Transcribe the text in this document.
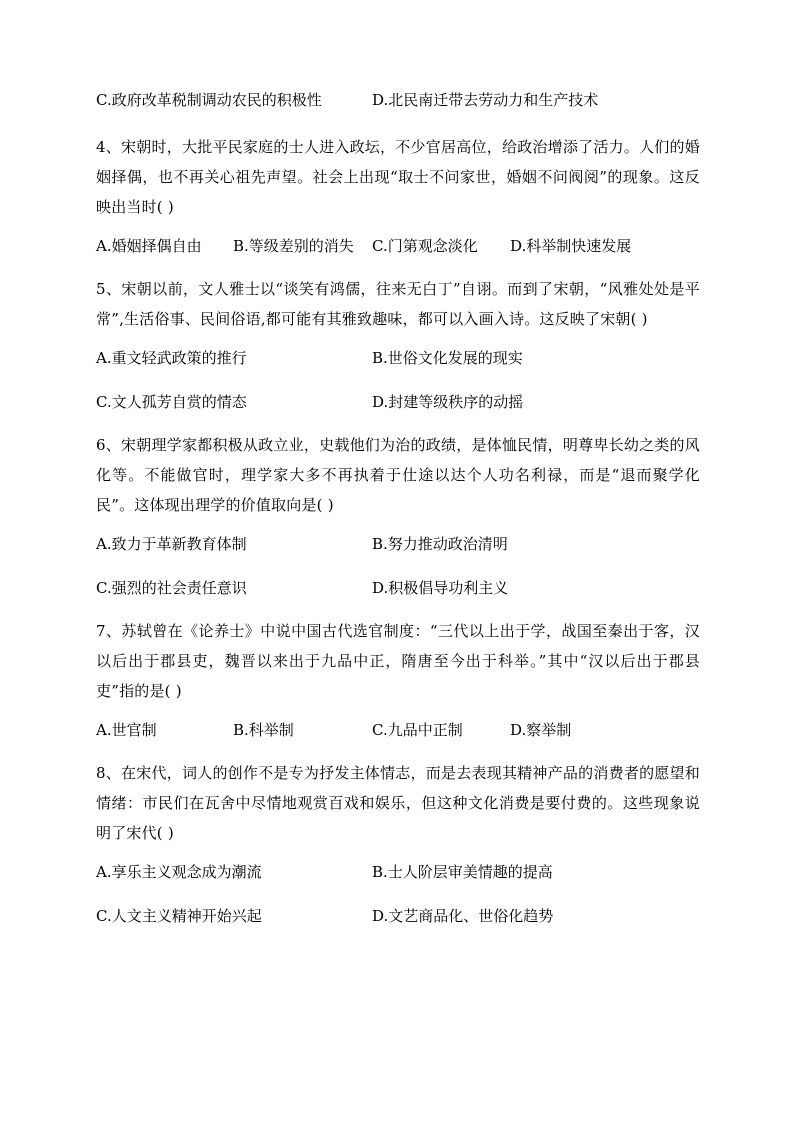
C.政府改革税制调动农民的积极性	D.北民南迁带去劳动力和生产技术
4、宋朝时，大批平民家庭的士人进入政坛，不少官居高位，给政治增添了活力。人们的婚姻择偶，也不再关心祖先声望。社会上出现“取士不问家世，婚姻不问阀阅”的现象。这反映出当时( )
A.婚姻择偶自由 B.等级差别的消失 C.门第观念淡化 D.科举制快速发展
5、宋朝以前，文人雅士以“谈笑有鸿儒，往来无白丁”自诩。而到了宋朝，“风雅处处是平常”,生活俗事、民间俗语,都可能有其雅致趣味，都可以入画入诗。这反映了宋朝( )
A.重文轻武政策的推行	B.世俗文化发展的现实
C.文人孤芳自赏的情态	D.封建等级秩序的动摇
6、宋朝理学家都积极从政立业，史载他们为治的政绩，是体恤民情，明尊卑长幼之类的风化等。不能做官时，理学家大多不再执着于仕途以达个人功名利禄，而是“退而聚学化民”。这体现出理学的价值取向是( )
A.致力于革新教育体制	B.努力推动政治清明
C.强烈的社会责任意识	D.积极倡导功利主义
7、苏轼曾在《论养士》中说中国古代选官制度：“三代以上出于学，战国至秦出于客，汉以后出于郡县吏，魏晋以来出于九品中正，隋唐至今出于科举。”其中“汉以后出于郡县吏”指的是( )
A.世官制	B.科举制	C.九品中正制	D.察举制
8、在宋代，词人的创作不是专为抒发主体情志，而是去表现其精神产品的消费者的愿望和情绪：市民们在瓦舍中尽情地观赏百戏和娱乐，但这种文化消费是要付费的。这些现象说明了宋代( )
A.享乐主义观念成为潮流	B.士人阶层审美情趣的提高
C.人文主义精神开始兴起	D.文艺商品化、世俗化趋势
